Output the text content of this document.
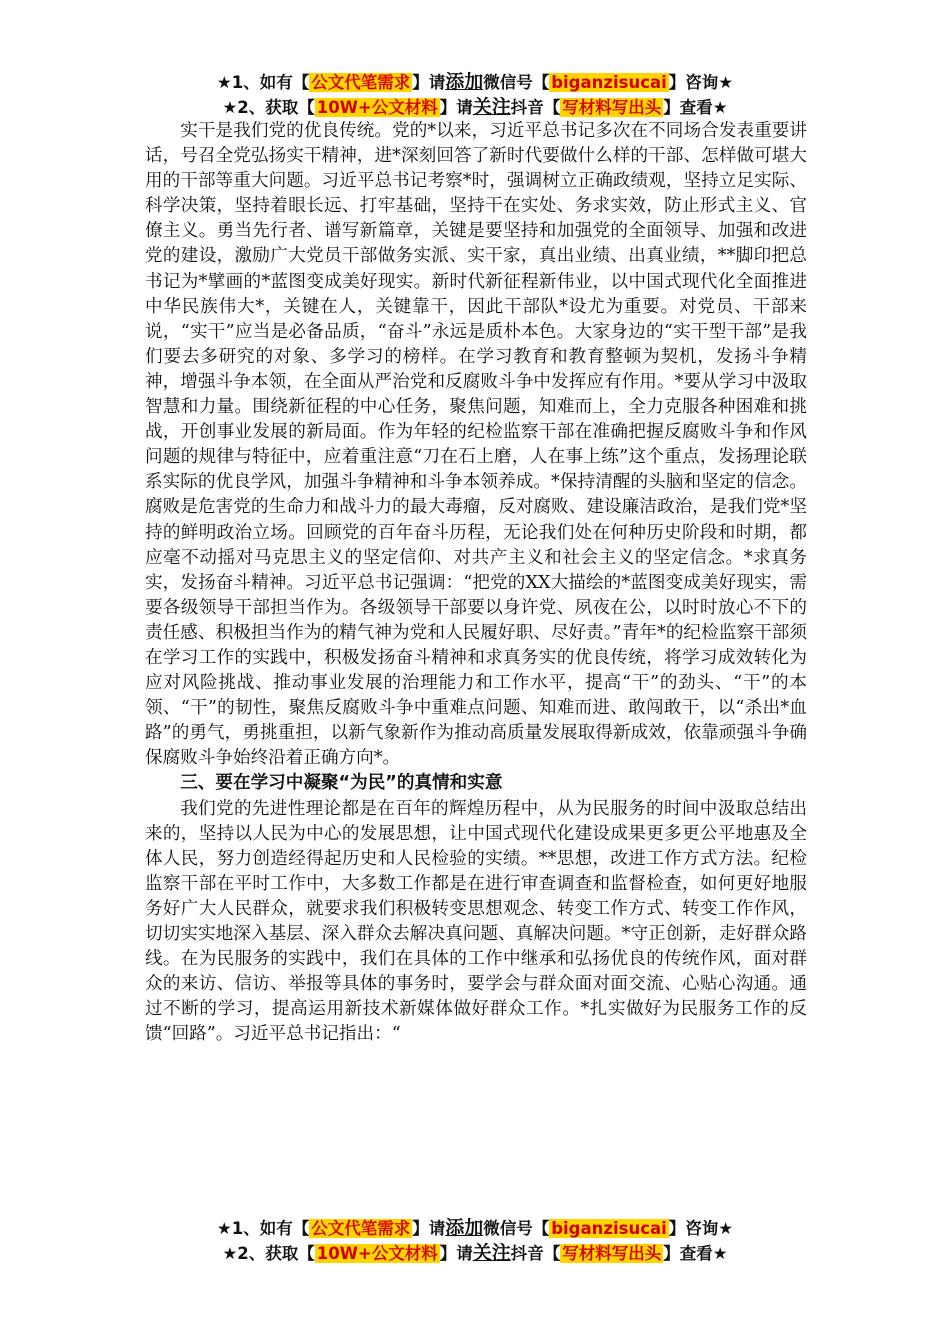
★1、如有【 公文代笔需求 】请添加微信号【 biganzisucai 】咨询★
★2、获取【 10W+公文材料 】请关注抖音【 写材料写出头 】查看★

实干是我们党的优良传统。党的*以来，习近平总书记多次在不同场合发表重要讲话，号召全党弘扬实干精神，进*深刻回答了新时代要做什么样的干部、怎样做可堪大用的干部等重大问题。习近平总书记考察*时，强调树立正确政绩观，坚持立足实际、科学决策，坚持着眼长远、打牢基础，坚持干在实处、务求实效，防止形式主义、官僚主义。勇当先行者、谱写新篇章，关键是要坚持和加强党的全面领导、加强和改进党的建设，激励广大党员干部做务实派、实干家，真出业绩、出真业绩，**脚印把总书记为*擘画的*蓝图变成美好现实。新时代新征程新伟业，以中国式现代化全面推进中华民族伟大*，关键在人，关键靠干，因此干部队*设尤为重要。对党员、干部来说，“实干”应当是必备品质，“奋斗”永远是质朴本色。大家身边的“实干型干部”是我们要去多研究的对象、多学习的榜样。在学习教育和教育整顿为契机，发扬斗争精神，增强斗争本领，在全面从严治党和反腐败斗争中发挥应有作用。*要从学习中汲取智慧和力量。围绕新征程的中心任务，聚焦问题，知难而上，全力克服各种困难和挑战，开创事业发展的新局面。作为年轻的纪检监察干部在准确把握反腐败斗争和作风问题的规律与特征中，应着重注意“刀在石上磨，人在事上练”这个重点，发扬理论联系实际的优良学风，加强斗争精神和斗争本领养成。*保持清醒的头脑和坚定的信念。腐败是危害党的生命力和战斗力的最大毒瘤，反对腐败、建设廉洁政治，是我们党*坚持的鲜明政治立场。回顾党的百年奋斗历程，无论我们处在何种历史阶段和时期，都应毫不动摇对马克思主义的坚定信仰、对共产主义和社会主义的坚定信念。*求真务实，发扬奋斗精神。习近平总书记强调：“把党的XX大描绘的*蓝图变成美好现实，需要各级领导干部担当作为。各级领导干部要以身许党、夙夜在公，以时时放心不下的责任感、积极担当作为的精气神为党和人民履好职、尽好责。”青年*的纪检监察干部须在学习工作的实践中，积极发扬奋斗精神和求真务实的优良传统，将学习成效转化为应对风险挑战、推动事业发展的治理能力和工作水平，提高“干”的劲头、“干”的本领、“干”的韧性，聚焦反腐败斗争中重难点问题、知难而进、敢闯敢干，以“杀出*血路”的勇气，勇挑重担，以新气象新作为推动高质量发展取得新成效，依靠顽强斗争确保腐败斗争始终沿着正确方向*。

三、要在学习中凝聚“为民”的真情和实意

我们党的先进性理论都是在百年的辉煌历程中，从为民服务的时间中汲取总结出来的，坚持以人民为中心的发展思想，让中国式现代化建设成果更多更公平地惠及全体人民，努力创造经得起历史和人民检验的实绩。**思想，改进工作方式方法。纪检监察干部在平时工作中，大多数工作都是在进行审查调查和监督检查，如何更好地服务好广大人民群众，就要求我们积极转变思想观念、转变工作方式、转变工作作风，切切实实地深入基层、深入群众去解决真问题、真解决问题。*守正创新，走好群众路线。在为民服务的实践中，我们在具体的工作中继承和弘扬优良的传统作风，面对群众的来访、信访、举报等具体的事务时，要学会与群众面对面交流、心贴心沟通。通过不断的学习，提高运用新技术新媒体做好群众工作。*扎实做好为民服务工作的反馈“回路”。习近平总书记指出：“

★1、如有【 公文代笔需求 】请添加微信号【 biganzisucai 】咨询★
★2、获取【 10W+公文材料 】请关注抖音【 写材料写出头 】查看★
